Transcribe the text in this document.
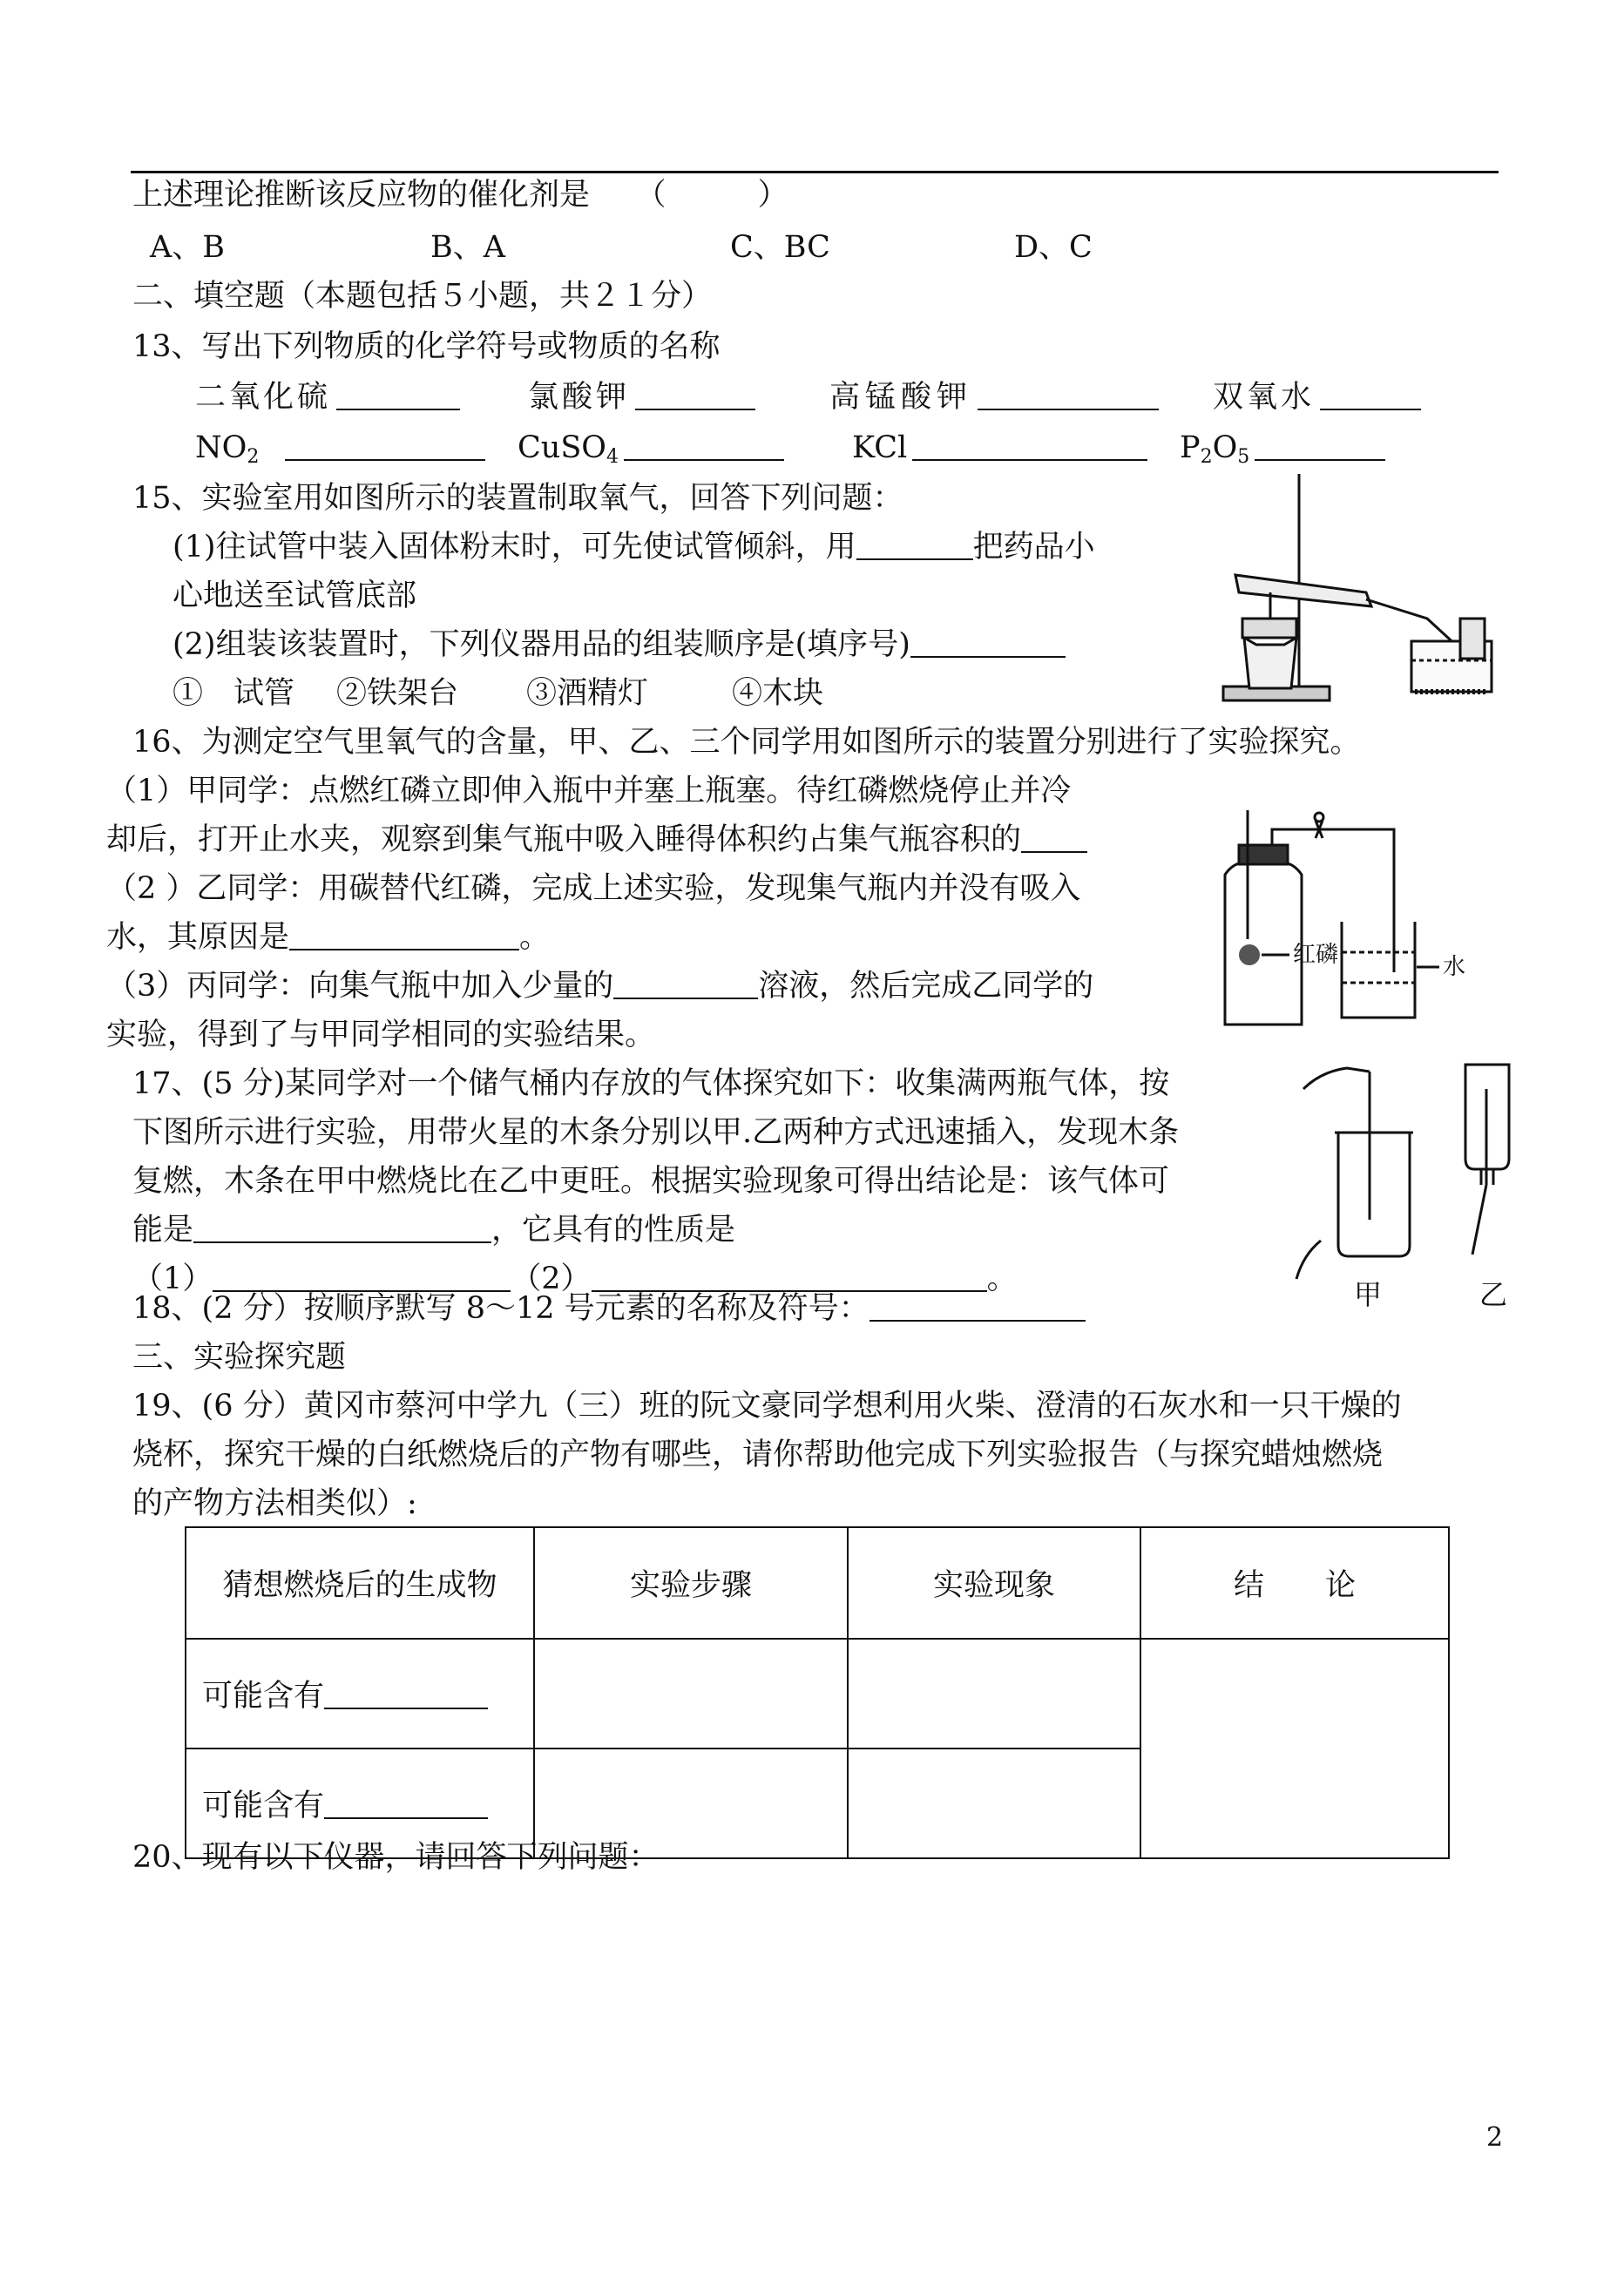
上述理论推断该反应物的催化剂是　　（　　　）
A、B	B、A	C、BC	D、C
二、填空题（本题包括５小题，共２１分）
13、写出下列物质的化学符号或物质的名称
二氧化硫	氯酸钾	高锰酸钾	双氧水
$NO_2$	CuSO$_4$	KCl	$P_2O_5$
15、实验室用如图所示的装置制取氧气，回答下列问题：
(1)往试管中装入固体粉末时，可先使试管倾斜，用	把药品小
心地送至试管底部
(2)组装该装置时，下列仪器用品的组装顺序是(填序号)
①　试管 ②铁架台 ③酒精灯	④木块
16、为测定空气里氧气的含量，甲、乙、三个同学用如图所示的装置分别进行了实验探究。
（1）甲同学：点燃红磷立即伸入瓶中并塞上瓶塞。待红磷燃烧停止并冷
却后，打开止水夹，观察到集气瓶中吸入睡得体积约占集气瓶容积的
（2 ）乙同学：用碳替代红磷，完成上述实验，发现集气瓶内并没有吸入
水，其原因是	。
（3）丙同学：向集气瓶中加入少量的	溶液，然后完成乙同学的
实验，得到了与甲同学相同的实验结果。
红磷	水
17、(5 分)某同学对一个储气桶内存放的气体探究如下：收集满两瓶气体，按
下图所示进行实验，用带火星的木条分别以甲.乙两种方式迅速插入，发现木条
复燃，木条在甲中燃烧比在乙中更旺。根据实验现象可得出结论是：该气体可
能是	，它具有的性质是
（1）	（2）	。	甲	乙
18、(2 分）按顺序默写 8～12 号元素的名称及符号：
三、实验探究题
19、(6 分）黄冈市蔡河中学九（三）班的阮文豪同学想利用火柴、澄清的石灰水和一只干燥的
烧杯，探究干燥的白纸燃烧后的产物有哪些，请你帮助他完成下列实验报告（与探究蜡烛燃烧
的产物方法相类似）:
猜想燃烧后的生成物	实验步骤	实验现象	结　　论
可能含有			
可能含有			
20、现有以下仪器，请回答下列问题：
2
